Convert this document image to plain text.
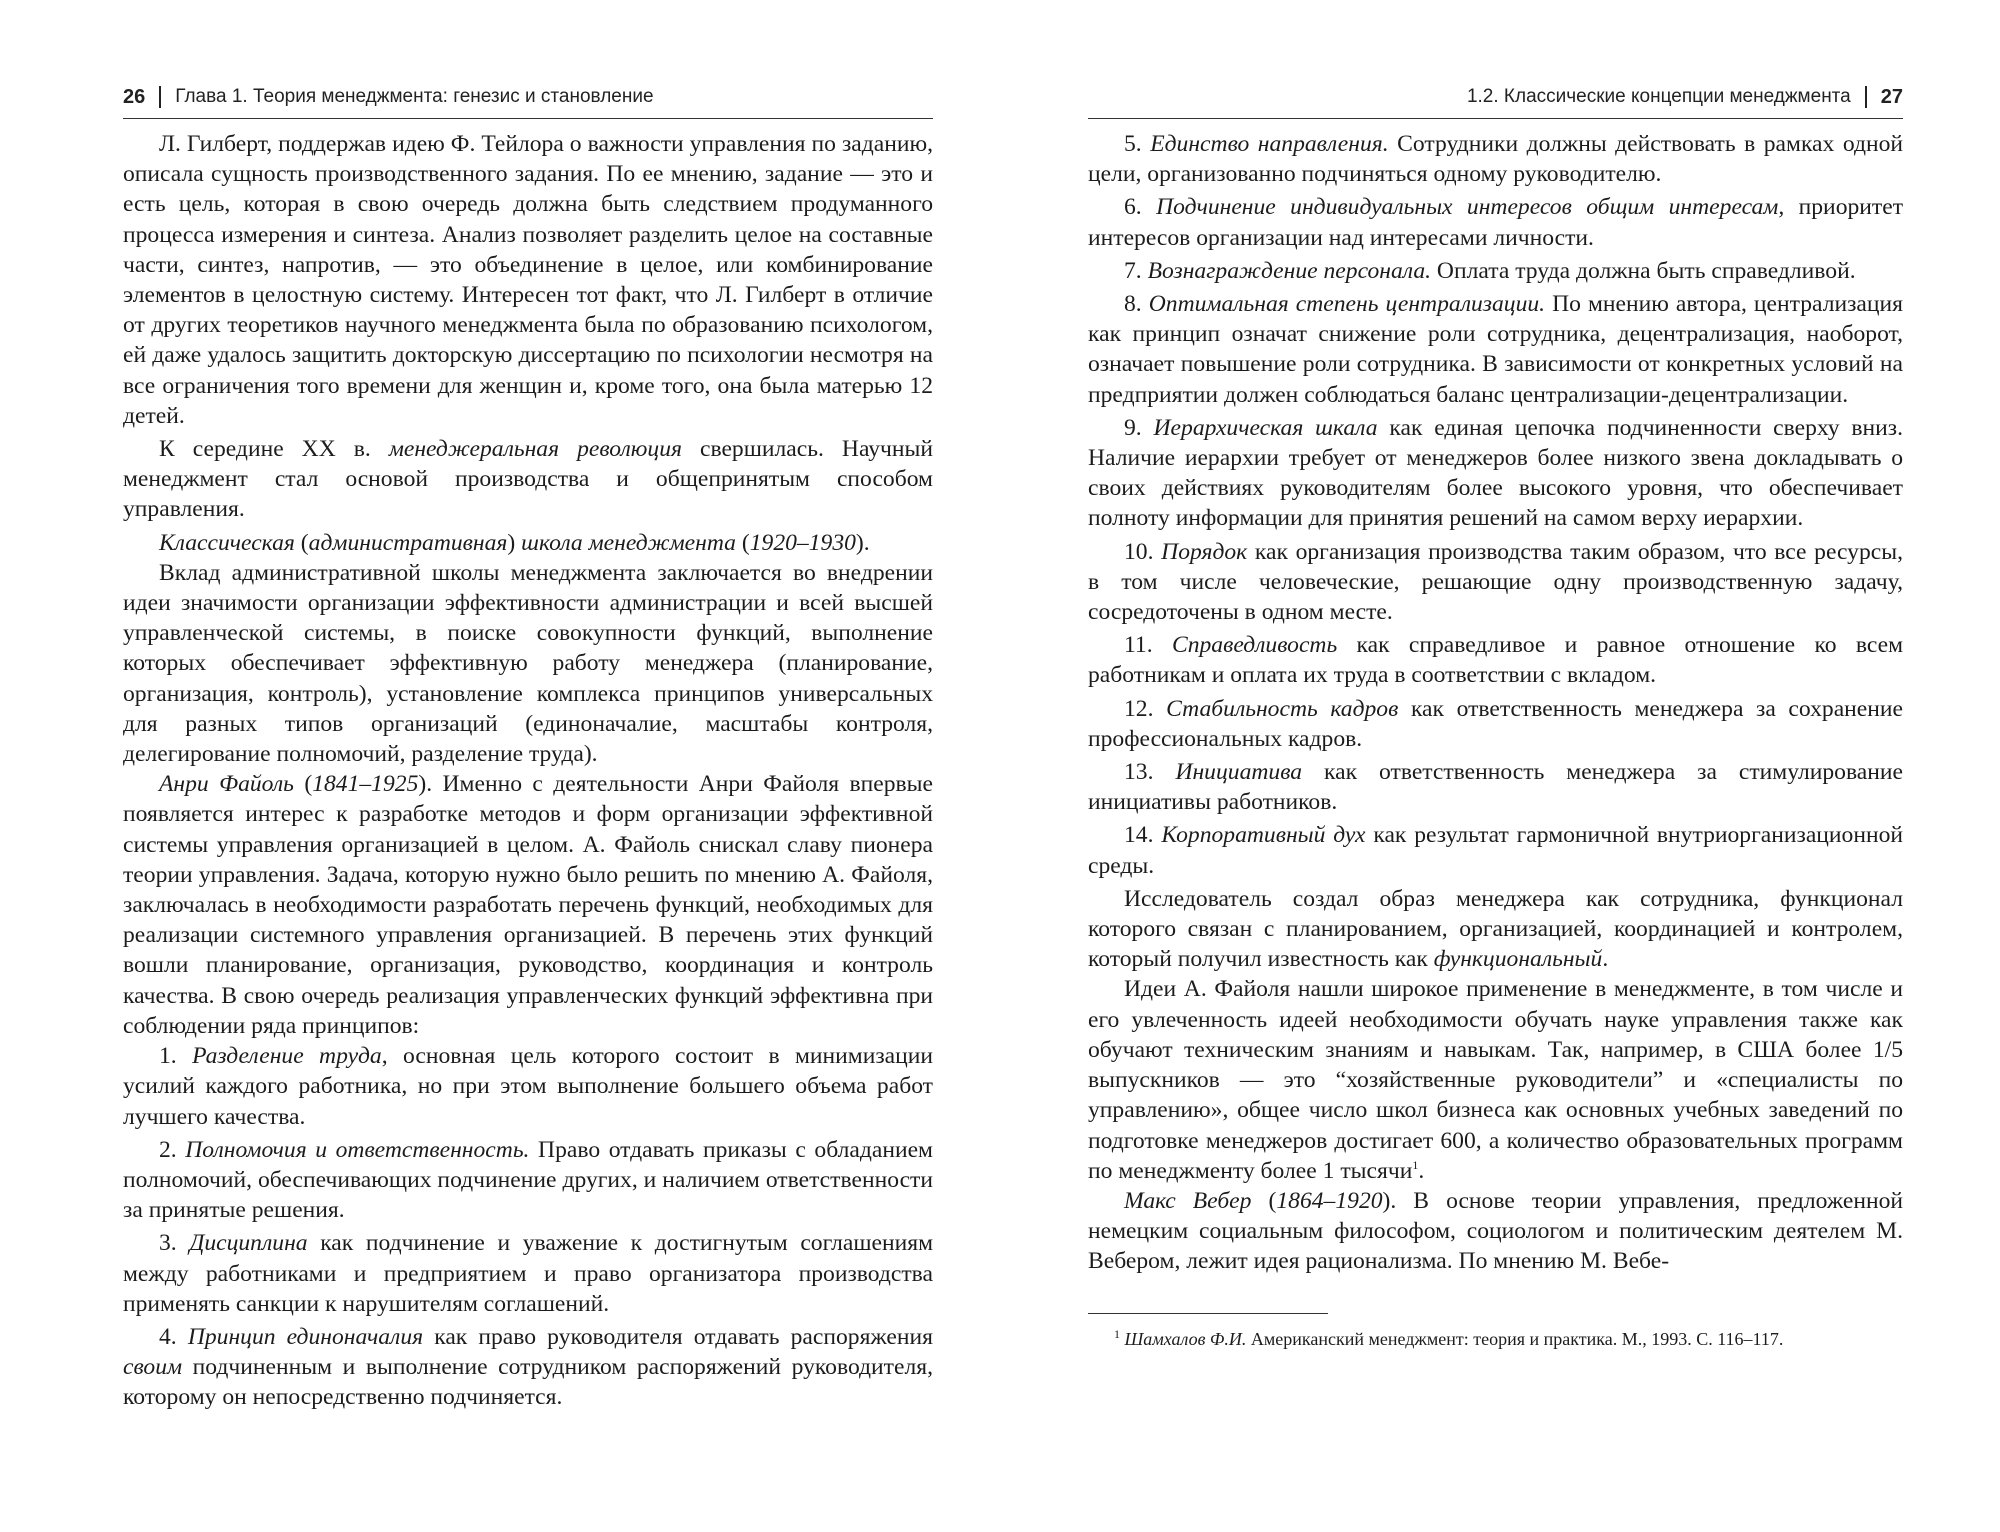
26 Глава 1. Теория менеджмента: генезис и становление

Л. Гилберт, поддержав идею Ф. Тейлора о важности управления по заданию, описала сущность производственного задания. По ее мнению, задание — это и есть цель, которая в свою очередь должна быть следствием продуманного процесса измерения и синтеза. Анализ позволяет разделить целое на составные части, синтез, напротив, — это объединение в целое, или комбинирование элементов в целостную систему. Интересен тот факт, что Л. Гилберт в отличие от других теоретиков научного менеджмента была по образованию психологом, ей даже удалось защитить докторскую диссертацию по психологии несмотря на все ограничения того времени для женщин и, кроме того, она была матерью 12 детей.

К середине XX в. менеджеральная революция свершилась. Научный менеджмент стал основой производства и общепринятым способом управления.

Классическая (административная) школа менеджмента (1920–1930).

Вклад административной школы менеджмента заключается во внедрении идеи значимости организации эффективности администрации и всей высшей управленческой системы, в поиске совокупности функций, выполнение которых обеспечивает эффективную работу менеджера (планирование, организация, контроль), установление комплекса принципов универсальных для разных типов организаций (единоначалие, масштабы контроля, делегирование полномочий, разделение труда).

Анри Файоль (1841–1925). Именно с деятельности Анри Файоля впервые появляется интерес к разработке методов и форм организации эффективной системы управления организацией в целом. А. Файоль снискал славу пионера теории управления. Задача, которую нужно было решить по мнению А. Файоля, заключалась в необходимости разработать перечень функций, необходимых для реализации системного управления организацией. В перечень этих функций вошли планирование, организация, руководство, координация и контроль качества. В свою очередь реализация управленческих функций эффективна при соблюдении ряда принципов:

1. Разделение труда, основная цель которого состоит в минимизации усилий каждого работника, но при этом выполнение большего объема работ лучшего качества.

2. Полномочия и ответственность. Право отдавать приказы с обладанием полномочий, обеспечивающих подчинение других, и наличием ответственности за принятые решения.

3. Дисциплина как подчинение и уважение к достигнутым соглашениям между работниками и предприятием и право организатора производства применять санкции к нарушителям соглашений.

4. Принцип единоначалия как право руководителя отдавать распоряжения своим подчиненным и выполнение сотрудником распоряжений руководителя, которому он непосредственно подчиняется.

1.2. Классические концепции менеджмента 27

5. Единство направления. Сотрудники должны действовать в рамках одной цели, организованно подчиняться одному руководителю.

6. Подчинение индивидуальных интересов общим интересам, приоритет интересов организации над интересами личности.

7. Вознаграждение персонала. Оплата труда должна быть справедливой.

8. Оптимальная степень централизации. По мнению автора, централизация как принцип означат снижение роли сотрудника, децентрализация, наоборот, означает повышение роли сотрудника. В зависимости от конкретных условий на предприятии должен соблюдаться баланс централизации-децентрализации.

9. Иерархическая шкала как единая цепочка подчиненности сверху вниз. Наличие иерархии требует от менеджеров более низкого звена докладывать о своих действиях руководителям более высокого уровня, что обеспечивает полноту информации для принятия решений на самом верху иерархии.

10. Порядок как организация производства таким образом, что все ресурсы, в том числе человеческие, решающие одну производственную задачу, сосредоточены в одном месте.

11. Справедливость как справедливое и равное отношение ко всем работникам и оплата их труда в соответствии с вкладом.

12. Стабильность кадров как ответственность менеджера за сохранение профессиональных кадров.

13. Инициатива как ответственность менеджера за стимулирование инициативы работников.

14. Корпоративный дух как результат гармоничной внутриорганизационной среды.

Исследователь создал образ менеджера как сотрудника, функционал которого связан с планированием, организацией, координацией и контролем, который получил известность как функциональный.

Идеи А. Файоля нашли широкое применение в менеджменте, в том числе и его увлеченность идеей необходимости обучать науке управления также как обучают техническим знаниям и навыкам. Так, например, в США более 1/5 выпускников — это “хозяйственные руководители” и «специалисты по управлению», общее число школ бизнеса как основных учебных заведений по подготовке менеджеров достигает 600, а количество образовательных программ по менеджменту более 1 тысячи$^1$.

Макс Вебер (1864–1920). В основе теории управления, предложенной немецким социальным философом, социологом и политическим деятелем М. Вебером, лежит идея рационализма. По мнению М. Вебе-

$^1$ Шамхалов Ф.И. Американский менеджмент: теория и практика. М., 1993. С. 116–117.
